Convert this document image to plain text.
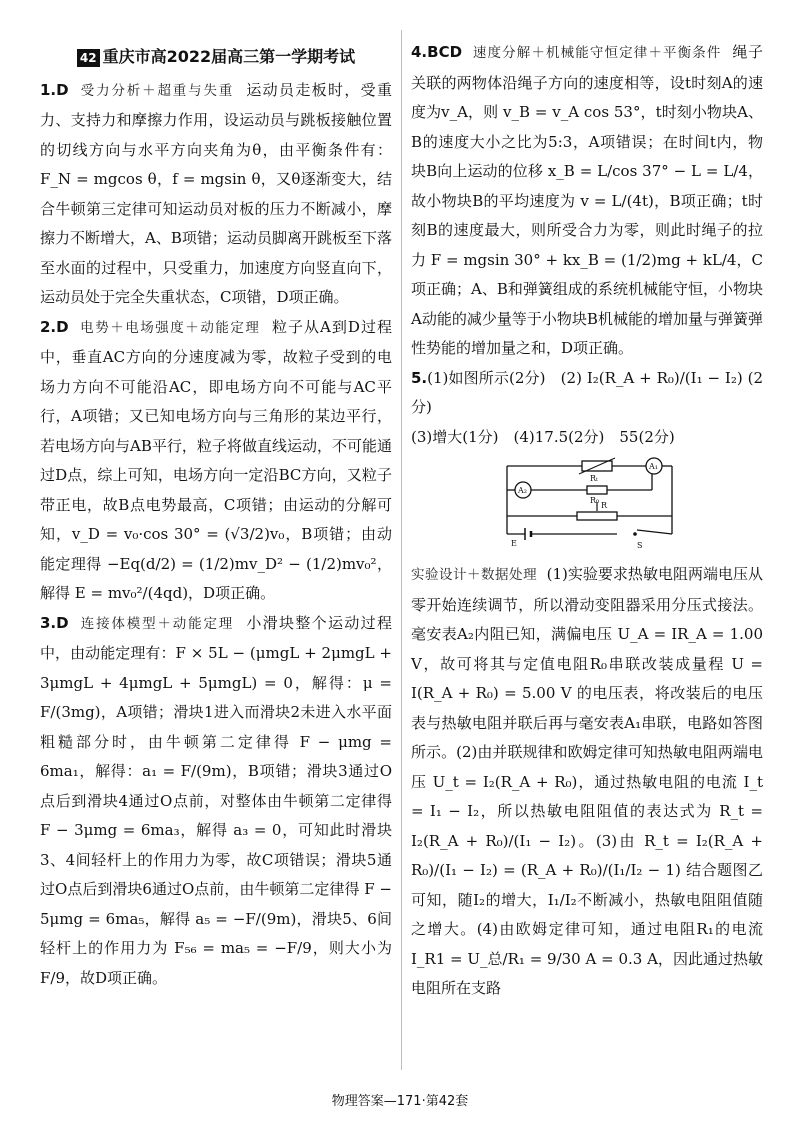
42 重庆市高2022届高三第一学期考试

1.D 受力分析＋超重与失重 运动员走板时，受重力、支持力和摩擦力作用，设运动员与跳板接触位置的切线方向与水平方向夹角为θ，由平衡条件有：F_N = mgcos θ，f = mgsin θ，又θ逐渐变大，结合牛顿第三定律可知运动员对板的压力不断减小，摩擦力不断增大，A、B项错；运动员脚离开跳板至下落至水面的过程中，只受重力，加速度方向竖直向下，运动员处于完全失重状态，C项错，D项正确。

2.D 电势＋电场强度＋动能定理 粒子从A到D过程中，垂直AC方向的分速度减为零，故粒子受到的电场力方向不可能沿AC，即电场方向不可能与AC平行，A项错；又已知电场方向与三角形的某边平行，若电场方向与AB平行，粒子将做直线运动，不可能通过D点，综上可知，电场方向一定沿BC方向，又粒子带正电，故B点电势最高，C项错；由运动的分解可知，v_D = v₀·cos 30° = (√3/2)v₀，B项错；由动能定理得 −Eq(d/2) = (1/2)mv_D² − (1/2)mv₀²，解得 E = mv₀²/(4qd)，D项正确。

3.D 连接体模型＋动能定理 小滑块整个运动过程中，由动能定理有：F × 5L − (μmgL + 2μmgL + 3μmgL + 4μmgL + 5μmgL) = 0，解得：μ = F/(3mg)，A项错；滑块1进入而滑块2未进入水平面粗糙部分时，由牛顿第二定律得 F − μmg = 6ma₁，解得：a₁ = F/(9m)，B项错；滑块3通过O点后到滑块4通过O点前，对整体由牛顿第二定律得 F − 3μmg = 6ma₃，解得 a₃ = 0，可知此时滑块3、4间轻杆上的作用力为零，故C项错误；滑块5通过O点后到滑块6通过O点前，由牛顿第二定律得 F − 5μmg = 6ma₅，解得 a₅ = −F/(9m)，滑块5、6间轻杆上的作用力为 F₅₆ = ma₅ = −F/9，则大小为 F/9，故D项正确。

4.BCD 速度分解＋机械能守恒定律＋平衡条件 绳子关联的两物体沿绳子方向的速度相等，设t时刻A的速度为v_A，则 v_B = v_A cos 53°，t时刻小物块A、B的速度大小之比为5:3，A项错误；在时间t内，物块B向上运动的位移 x_B = L/cos 37° − L = L/4，故小物块B的平均速度为 v = L/(4t)，B项正确；t时刻B的速度最大，则所受合力为零，则此时绳子的拉力 F = mgsin 30° + kx_B = (1/2)mg + kL/4，C项正确；A、B和弹簧组成的系统机械能守恒，小物块A动能的减少量等于小物块B机械能的增加量与弹簧弹性势能的增加量之和，D项正确。

5.(1)如图所示(2分)　(2) I₂(R_A + R₀)/(I₁ − I₂) (2分)

(3)增大(1分)　(4)17.5(2分)　55(2分)

Rₜ
A₁
A₂
R₀
R
E	S

实验设计＋数据处理 (1)实验要求热敏电阻两端电压从零开始连续调节，所以滑动变阻器采用分压式接法。毫安表A₂内阻已知，满偏电压 U_A = IR_A = 1.00 V，故可将其与定值电阻R₀串联改装成量程 U = I(R_A + R₀) = 5.00 V 的电压表，将改装后的电压表与热敏电阻并联后再与毫安表A₁串联，电路如答图所示。(2)由并联规律和欧姆定律可知热敏电阻两端电压 U_t = I₂(R_A + R₀)，通过热敏电阻的电流 I_t = I₁ − I₂，所以热敏电阻阻值的表达式为 R_t = I₂(R_A + R₀)/(I₁ − I₂)。(3)由 R_t = I₂(R_A + R₀)/(I₁ − I₂) = (R_A + R₀)/(I₁/I₂ − 1) 结合题图乙可知，随I₂的增大，I₁/I₂不断减小，热敏电阻阻值随之增大。(4)由欧姆定律可知，通过电阻R₁的电流 I_R1 = U_总/R₁ = 9/30 A = 0.3 A，因此通过热敏电阻所在支路

物理答案—171·第42套
